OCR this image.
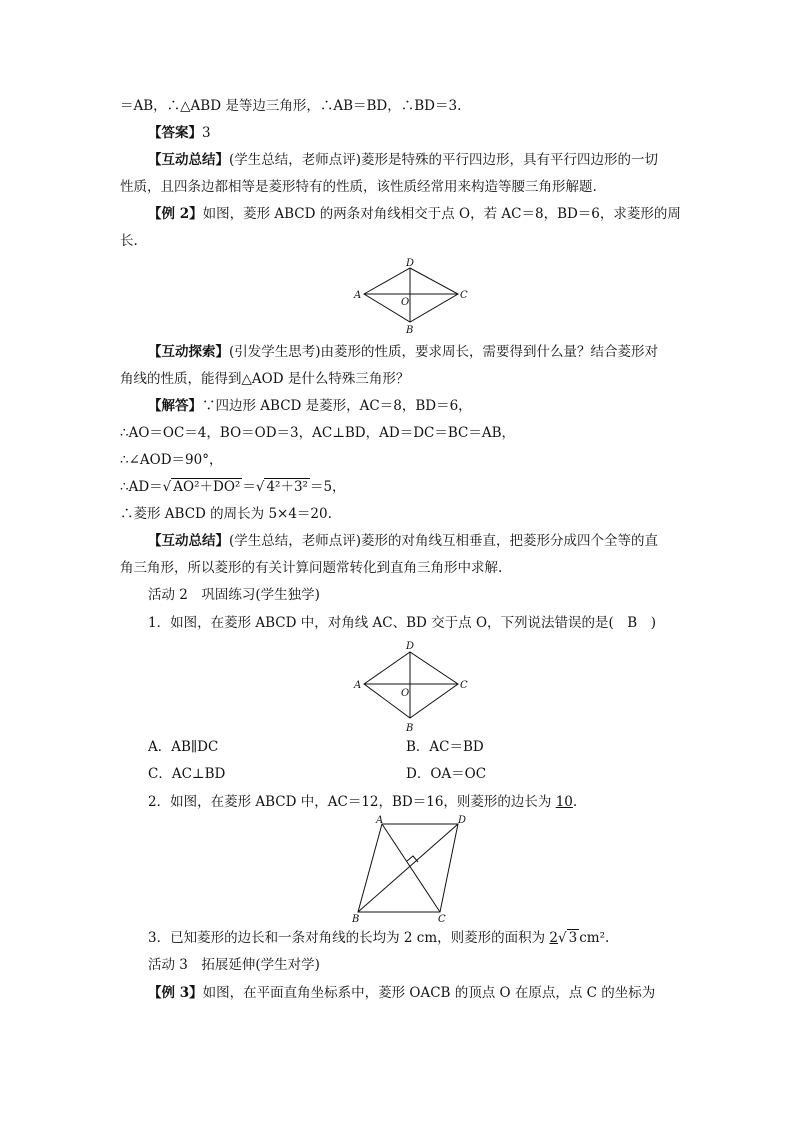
＝AB，∴△ABD 是等边三角形，∴AB＝BD，∴BD＝3.
【答案】3
【互动总结】(学生总结，老师点评)菱形是特殊的平行四边形，具有平行四边形的一切
性质，且四条边都相等是菱形特有的性质，该性质经常用来构造等腰三角形解题.
【例 2】如图，菱形 ABCD 的两条对角线相交于点 O，若 AC＝8，BD＝6，求菱形的周
长.
D
A	C
B
O
【互动探索】(引发学生思考)由菱形的性质，要求周长，需要得到什么量？结合菱形对
角线的性质，能得到△AOD 是什么特殊三角形？
【解答】∵四边形 ABCD 是菱形，AC＝8，BD＝6，
∴AO＝OC＝4，BO＝OD＝3，AC⊥BD，AD＝DC＝BC＝AB，
∴∠AOD＝90°，
∴AD＝√ AO²＋DO² ＝√ 4²＋3² ＝5，
∴菱形 ABCD 的周长为 5×4＝20.
【互动总结】(学生总结，老师点评)菱形的对角线互相垂直，把菱形分成四个全等的直
角三角形，所以菱形的有关计算问题常转化到直角三角形中求解.
活动 2　巩固练习(学生独学)
1．如图，在菱形 ABCD 中，对角线 AC、BD 交于点 O，下列说法错误的是(　B　)
D
A	C
B
O
A．AB∥DC	B．AC＝BD
C．AC⊥BD	D．OA＝OC
2．如图，在菱形 ABCD 中，AC＝12，BD＝16，则菱形的边长为 10.
A	D
B	C
3．已知菱形的边长和一条对角线的长均为 2 cm，则菱形的面积为 2√ 3 cm².
活动 3　拓展延伸(学生对学)
【例 3】如图，在平面直角坐标系中，菱形 OACB 的顶点 O 在原点，点 C 的坐标为
